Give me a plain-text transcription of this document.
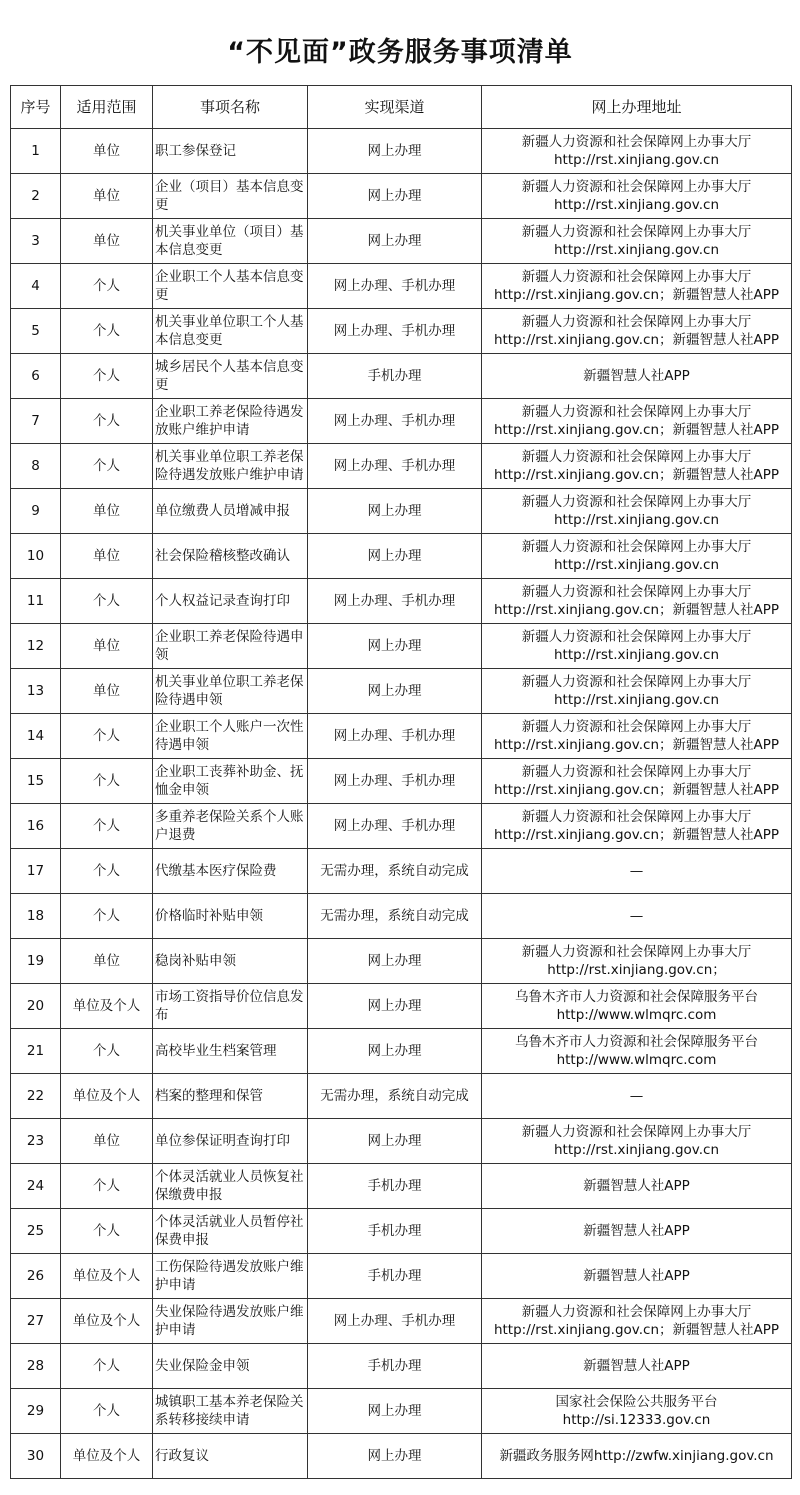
“不见面”政务服务事项清单
序号	适用范围	事项名称	实现渠道	网上办理地址
1	单位	职工参保登记	网上办理	新疆人力资源和社会保障网上办事大厅http://rst.xinjiang.gov.cn
2	单位	企业（项目）基本信息变更	网上办理	新疆人力资源和社会保障网上办事大厅 http://rst.xinjiang.gov.cn
3	单位	机关事业单位（项目）基本信息变更	网上办理	新疆人力资源和社会保障网上办事大厅 http://rst.xinjiang.gov.cn
4	个人	企业职工个人基本信息变更	网上办理、手机办理	新疆人力资源和社会保障网上办事大厅http://rst.xinjiang.gov.cn；新疆智慧人社APP
5	个人	机关事业单位职工个人基本信息变更	网上办理、手机办理	新疆人力资源和社会保障网上办事大厅http://rst.xinjiang.gov.cn；新疆智慧人社APP
6	个人	城乡居民个人基本信息变更	手机办理	新疆智慧人社APP
7	个人	企业职工养老保险待遇发放账户维护申请	网上办理、手机办理	新疆人力资源和社会保障网上办事大厅http://rst.xinjiang.gov.cn；新疆智慧人社APP
8	个人	机关事业单位职工养老保险待遇发放账户维护申请	网上办理、手机办理	新疆人力资源和社会保障网上办事大厅http://rst.xinjiang.gov.cn；新疆智慧人社APP
9	单位	单位缴费人员增减申报	网上办理	新疆人力资源和社会保障网上办事大厅http://rst.xinjiang.gov.cn
10	单位	社会保险稽核整改确认	网上办理	新疆人力资源和社会保障网上办事大厅http://rst.xinjiang.gov.cn
11	个人	个人权益记录查询打印	网上办理、手机办理	新疆人力资源和社会保障网上办事大厅http://rst.xinjiang.gov.cn；新疆智慧人社APP
12	单位	企业职工养老保险待遇申领	网上办理	新疆人力资源和社会保障网上办事大厅 http://rst.xinjiang.gov.cn
13	单位	机关事业单位职工养老保险待遇申领	网上办理	新疆人力资源和社会保障网上办事大厅 http://rst.xinjiang.gov.cn
14	个人	企业职工个人账户一次性待遇申领	网上办理、手机办理	新疆人力资源和社会保障网上办事大厅http://rst.xinjiang.gov.cn；新疆智慧人社APP
15	个人	企业职工丧葬补助金、抚恤金申领	网上办理、手机办理	新疆人力资源和社会保障网上办事大厅http://rst.xinjiang.gov.cn；新疆智慧人社APP
16	个人	多重养老保险关系个人账户退费	网上办理、手机办理	新疆人力资源和社会保障网上办事大厅http://rst.xinjiang.gov.cn；新疆智慧人社APP
17	个人	代缴基本医疗保险费	无需办理，系统自动完成	—
18	个人	价格临时补贴申领	无需办理，系统自动完成	—
19	单位	稳岗补贴申领	网上办理	新疆人力资源和社会保障网上办事大厅http://rst.xinjiang.gov.cn；
20	单位及个人	市场工资指导价位信息发布	网上办理	乌鲁木齐市人力资源和社会保障服务平台http://www.wlmqrc.com
21	个人	高校毕业生档案管理	网上办理	乌鲁木齐市人力资源和社会保障服务平台http://www.wlmqrc.com
22	单位及个人	档案的整理和保管	无需办理，系统自动完成	—
23	单位	单位参保证明查询打印	网上办理	新疆人力资源和社会保障网上办事大厅http://rst.xinjiang.gov.cn
24	个人	个体灵活就业人员恢复社保缴费申报	手机办理	新疆智慧人社APP
25	个人	个体灵活就业人员暂停社保费申报	手机办理	新疆智慧人社APP
26	单位及个人	工伤保险待遇发放账户维护申请	手机办理	新疆智慧人社APP
27	单位及个人	失业保险待遇发放账户维护申请	网上办理、手机办理	新疆人力资源和社会保障网上办事大厅http://rst.xinjiang.gov.cn；新疆智慧人社APP
28	个人	失业保险金申领	手机办理	新疆智慧人社APP
29	个人	城镇职工基本养老保险关系转移接续申请	网上办理	国家社会保险公共服务平台http://si.12333.gov.cn
30	单位及个人	行政复议	网上办理	新疆政务服务网http://zwfw.xinjiang.gov.cn
